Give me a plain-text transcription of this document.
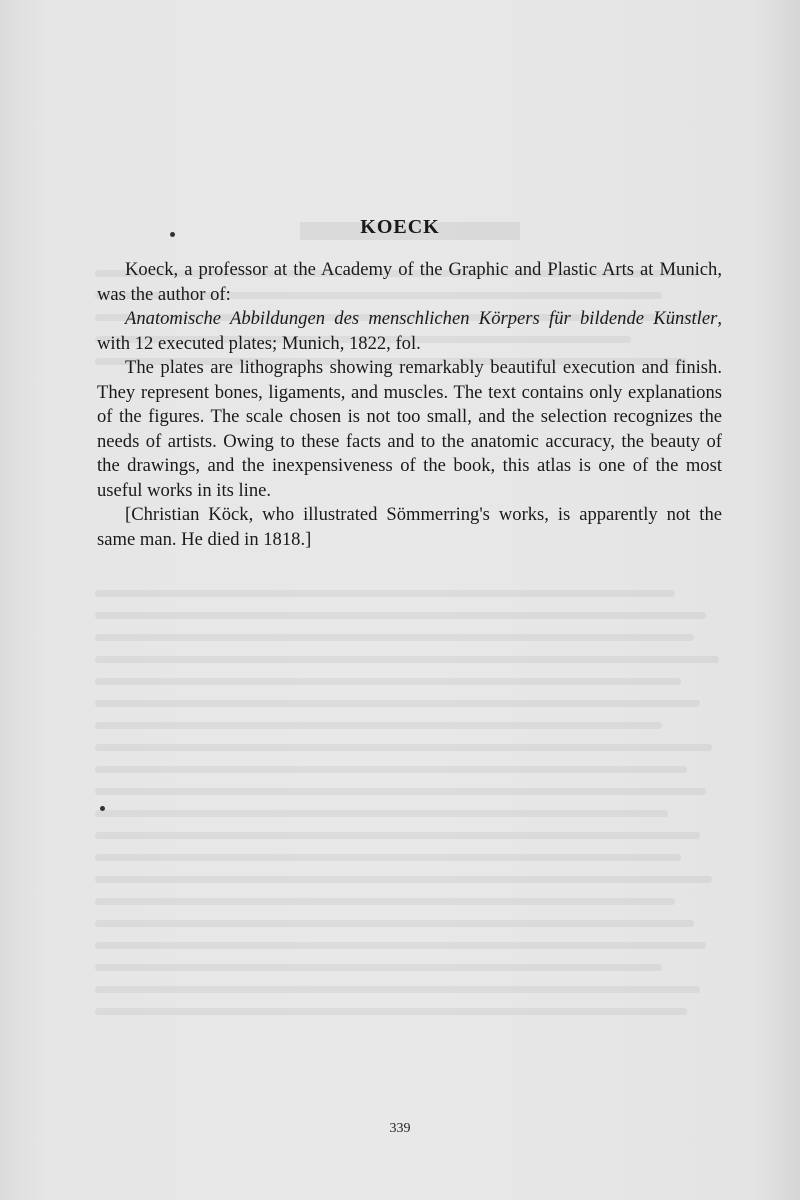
KOECK

Koeck, a professor at the Academy of the Graphic and Plastic Arts at Munich, was the author of:

Anatomische Abbildungen des menschlichen Körpers für bildende Künstler, with 12 executed plates; Munich, 1822, fol.

The plates are lithographs showing remarkably beautiful execution and finish. They represent bones, ligaments, and muscles. The text contains only explanations of the figures. The scale chosen is not too small, and the selection recognizes the needs of artists. Owing to these facts and to the anatomic accuracy, the beauty of the drawings, and the inexpensiveness of the book, this atlas is one of the most useful works in its line.

[Christian Köck, who illustrated Sömmerring's works, is apparently not the same man. He died in 1818.]

339
